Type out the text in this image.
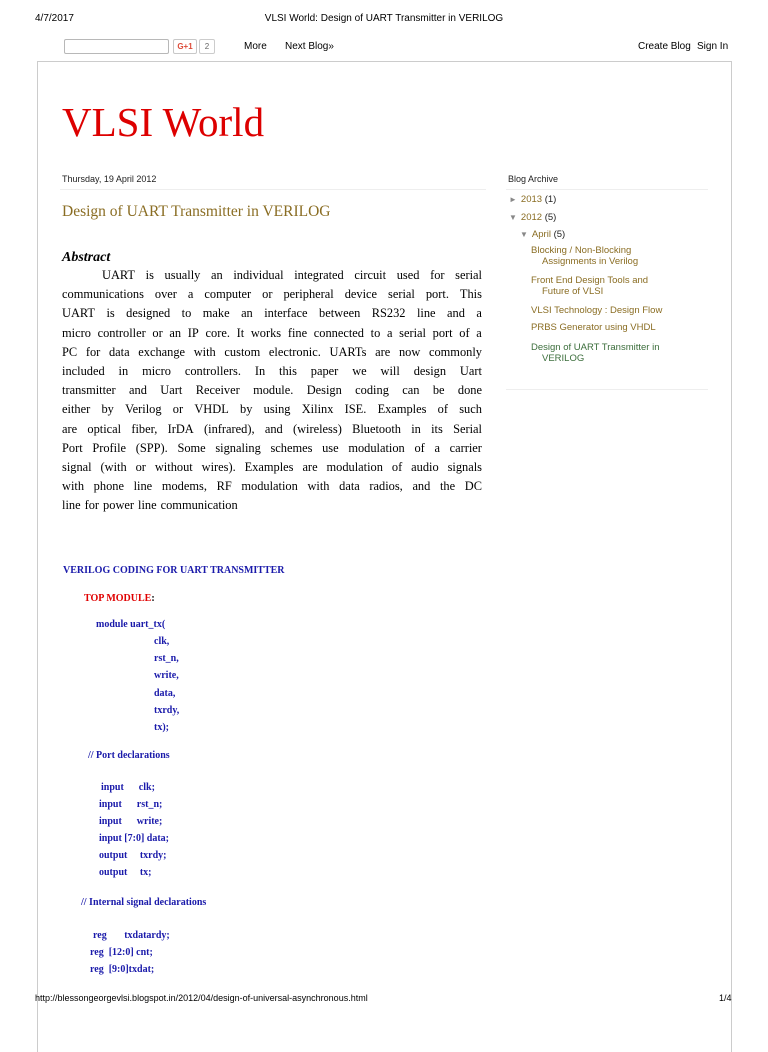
4/7/2017	VLSI World: Design of UART Transmitter in VERILOG
G+1	2	More Next Blog»	Create Blog Sign In
VLSI World
Thursday, 19 April 2012
Design of UART Transmitter in VERILOG
Abstract
UART is usually an individual integrated circuit used for serial
communications over a computer or peripheral device serial port. This
UART is designed to make an interface between RS232 line and a
micro controller or an IP core. It works fine connected to a serial port of a
PC for data exchange with custom electronic. UARTs are now commonly
included in micro controllers. In this paper we will design Uart
transmitter and Uart Receiver module. Design coding can be done
either by Verilog or VHDL by using Xilinx ISE. Examples of such
are optical fiber, IrDA (infrared), and (wireless) Bluetooth in its Serial
Port Profile (SPP). Some signaling schemes use modulation of a carrier
signal (with or without wires). Examples are modulation of audio signals
with phone line modems, RF modulation with data radios, and the DC
line for power line communication
VERILOG CODING FOR UART TRANSMITTER
TOP MODULE:
module uart_tx(
clk,
rst_n,
write,
data,
txrdy,
tx);
// Port declarations
input      clk;
input      rst_n;
input      write;
input [7:0] data;
output     txrdy;
output     tx;
// Internal signal declarations
reg       txdatardy;
reg  [12:0] cnt;
reg  [9:0]txdat;
Blog Archive
► 2013 (1)
▼ 2012 (5)
▼ April (5)
Blocking / Non-Blocking
Assignments in Verilog
Front End Design Tools and
Future of VLSI
VLSI Technology : Design Flow
PRBS Generator using VHDL
Design of UART Transmitter in
VERILOG
http://blessongeorgevlsi.blogspot.in/2012/04/design-of-universal-asynchronous.html	1/4
